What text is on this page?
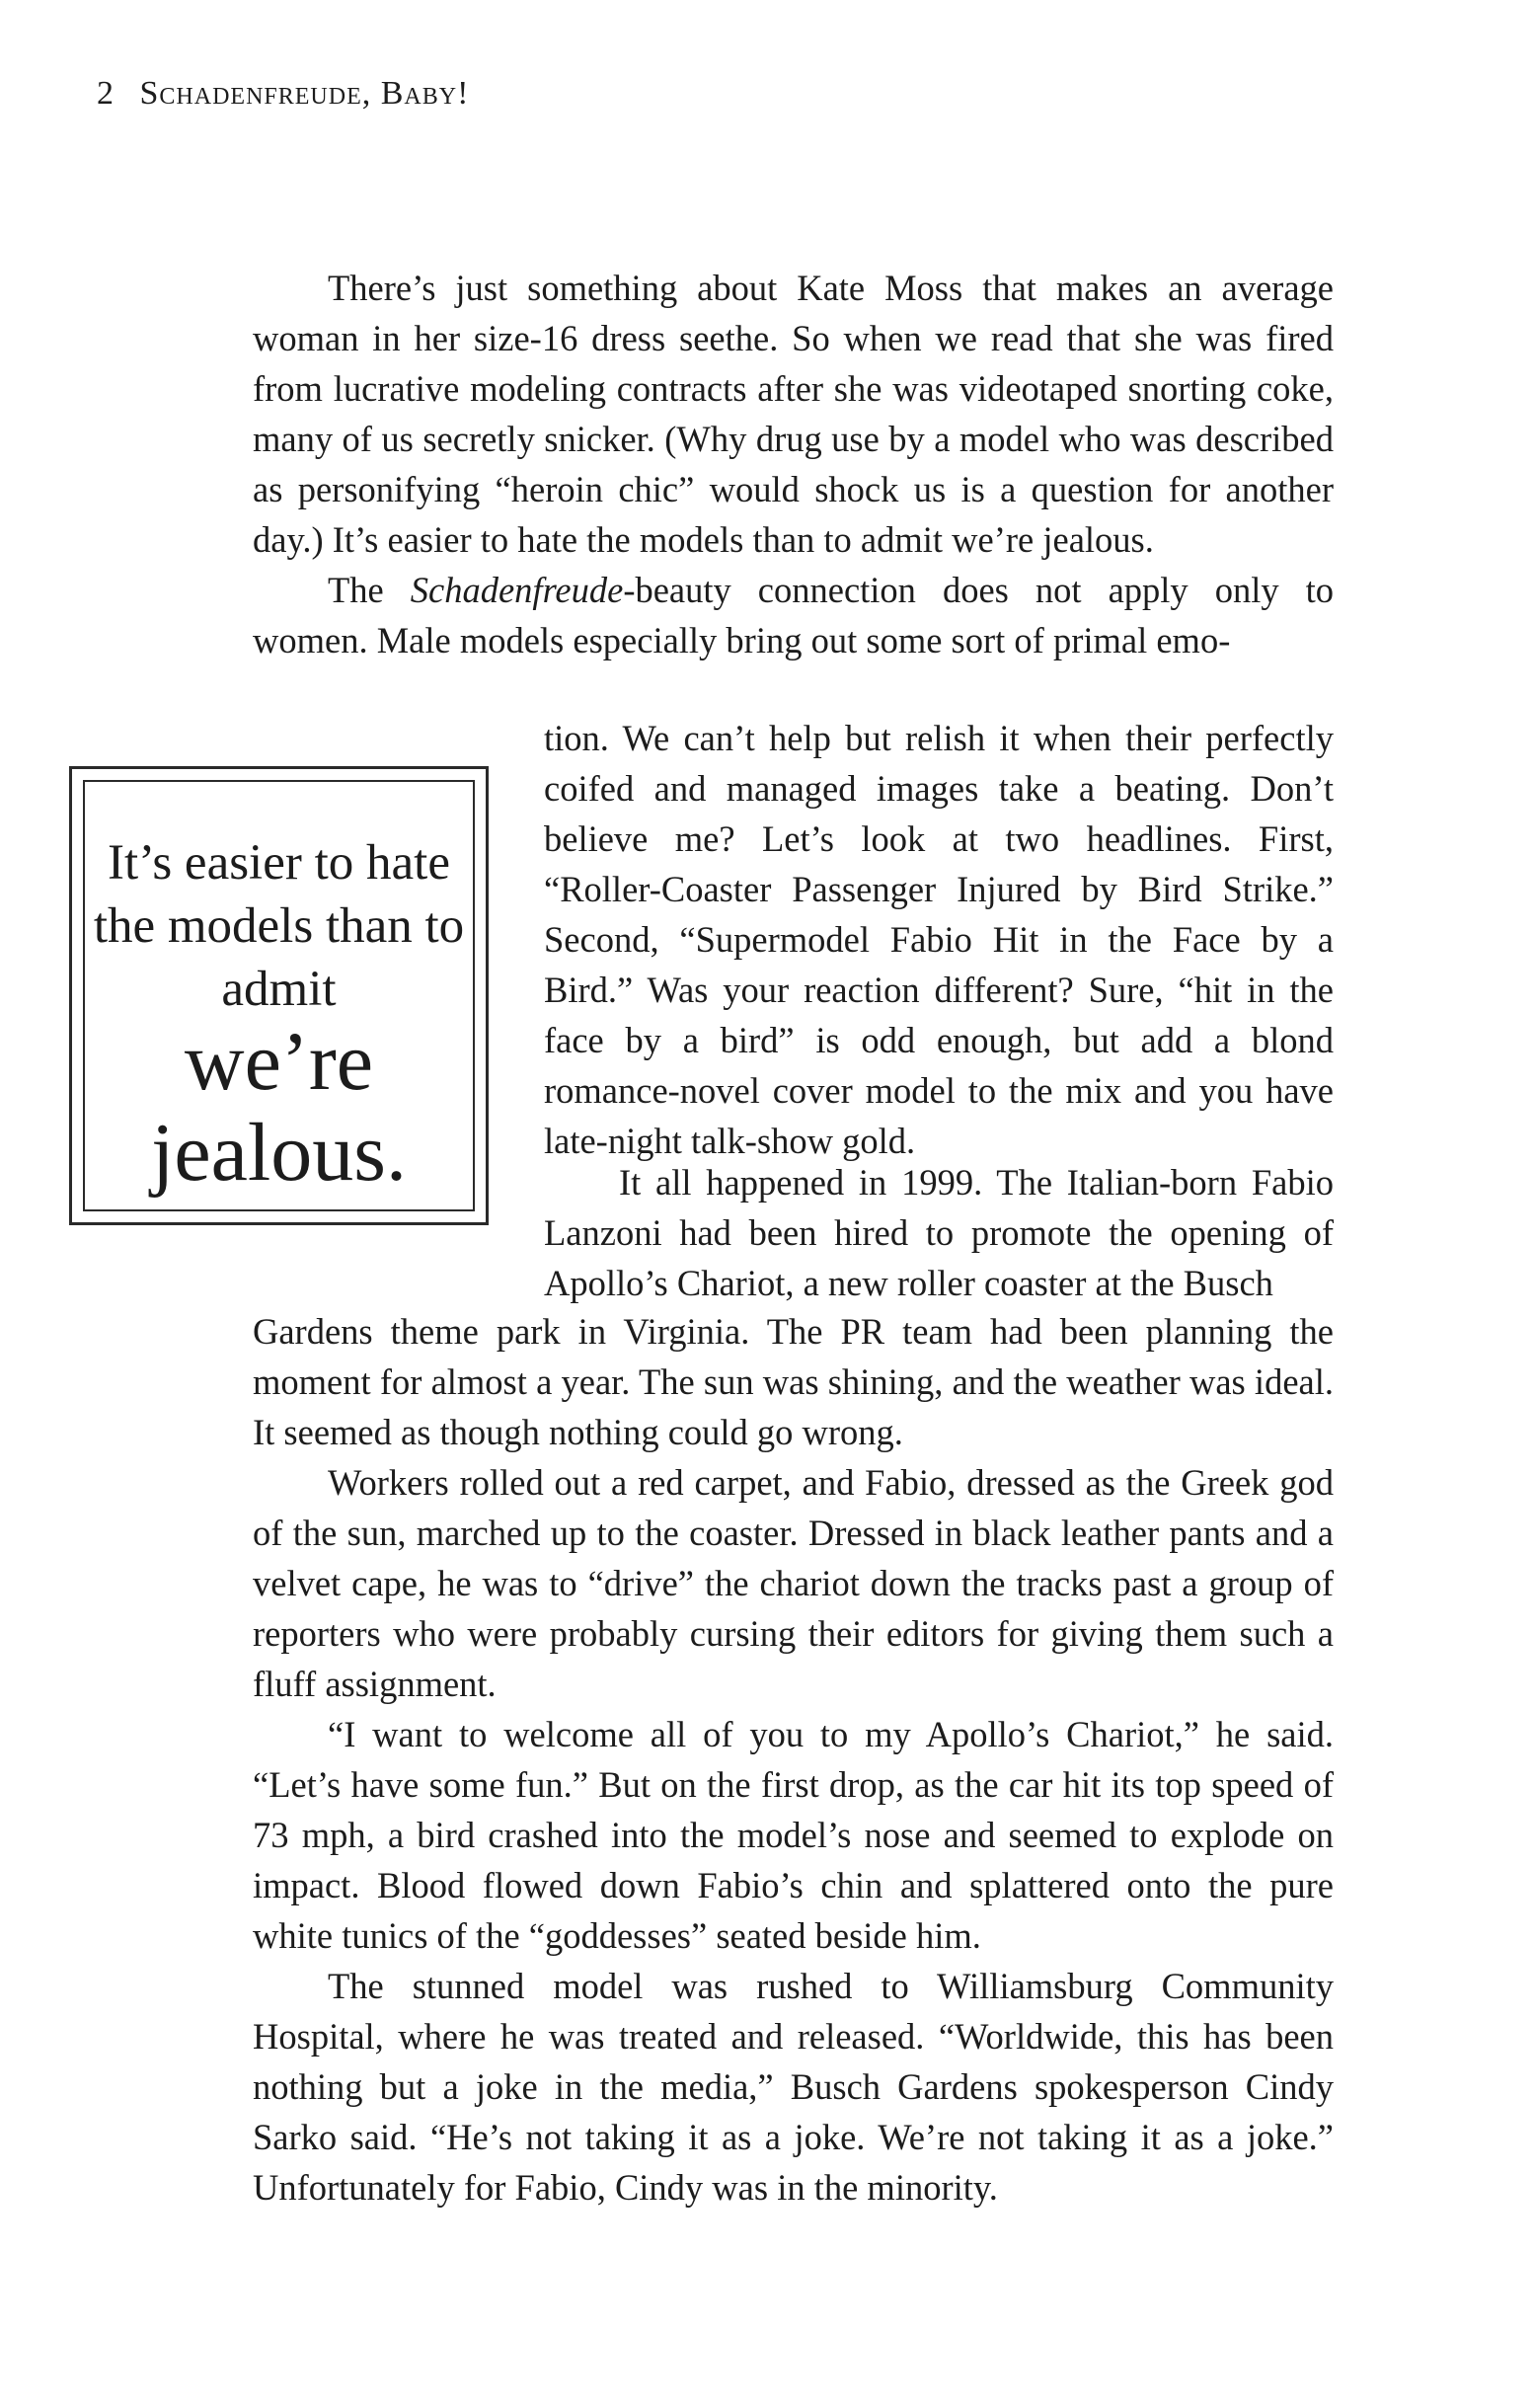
2 Schadenfreude, Baby!

There’s just something about Kate Moss that makes an average woman in her size-16 dress seethe. So when we read that she was fired from lucrative modeling contracts after she was videotaped snorting coke, many of us secretly snicker. (Why drug use by a model who was described as personifying “heroin chic” would shock us is a question for another day.) It’s easier to hate the models than to admit we’re jealous.

The Schadenfreude-beauty connection does not apply only to women. Male models especially bring out some sort of primal emo-

It’s easier to hate the models than to admit
we’re jealous.

tion. We can’t help but relish it when their perfectly coifed and managed images take a beating. Don’t believe me? Let’s look at two headlines. First, “Roller-Coaster Passenger Injured by Bird Strike.” Second, “Supermodel Fabio Hit in the Face by a Bird.” Was your reaction different? Sure, “hit in the face by a bird” is odd enough, but add a blond romance-novel cover model to the mix and you have late-night talk-show gold.

It all happened in 1999. The Italian-born Fabio Lanzoni had been hired to promote the opening of Apollo’s Chariot, a new roller coaster at the Busch

Gardens theme park in Virginia. The PR team had been planning the moment for almost a year. The sun was shining, and the weather was ideal. It seemed as though nothing could go wrong.

Workers rolled out a red carpet, and Fabio, dressed as the Greek god of the sun, marched up to the coaster. Dressed in black leather pants and a velvet cape, he was to “drive” the chariot down the tracks past a group of reporters who were probably cursing their editors for giving them such a fluff assignment.

“I want to welcome all of you to my Apollo’s Chariot,” he said. “Let’s have some fun.” But on the first drop, as the car hit its top speed of 73 mph, a bird crashed into the model’s nose and seemed to explode on impact. Blood flowed down Fabio’s chin and splattered onto the pure white tunics of the “goddesses” seated beside him.

The stunned model was rushed to Williamsburg Community Hospital, where he was treated and released. “Worldwide, this has been nothing but a joke in the media,” Busch Gardens spokesperson Cindy Sarko said. “He’s not taking it as a joke. We’re not taking it as a joke.” Unfortunately for Fabio, Cindy was in the minority.
